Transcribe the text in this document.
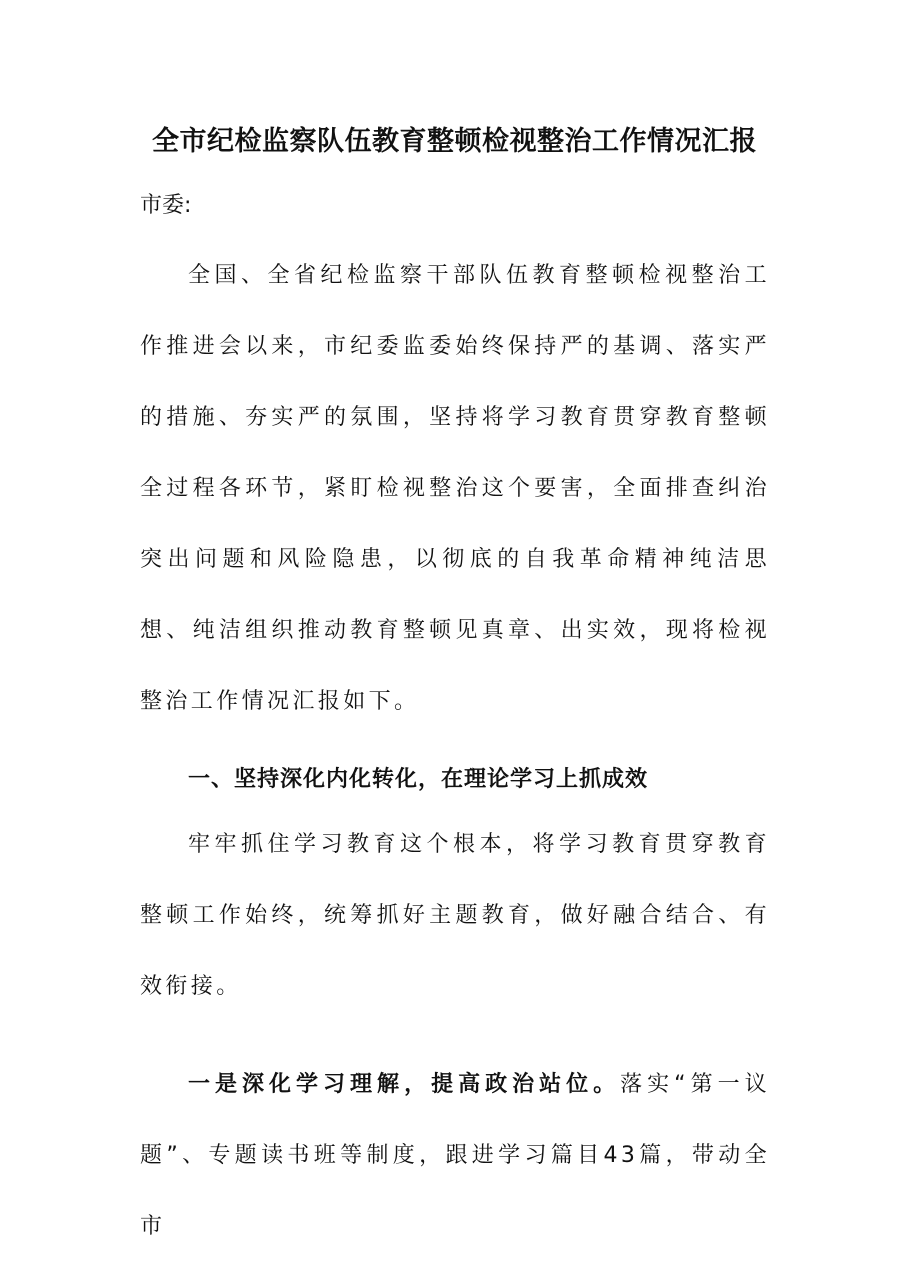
全市纪检监察队伍教育整顿检视整治工作情况汇报

市委:

全国、全省纪检监察干部队伍教育整顿检视整治工作推进会以来，市纪委监委始终保持严的基调、落实严的措施、夯实严的氛围，坚持将学习教育贯穿教育整顿全过程各环节，紧盯检视整治这个要害，全面排查纠治突出问题和风险隐患，以彻底的自我革命精神纯洁思想、纯洁组织推动教育整顿见真章、出实效，现将检视整治工作情况汇报如下。

一、坚持深化内化转化，在理论学习上抓成效

牢牢抓住学习教育这个根本，将学习教育贯穿教育整顿工作始终，统筹抓好主题教育，做好融合结合、有效衔接。

一是深化学习理解，提高政治站位。落实“第一议题”、专题读书班等制度，跟进学习篇目43篇，带动全市
